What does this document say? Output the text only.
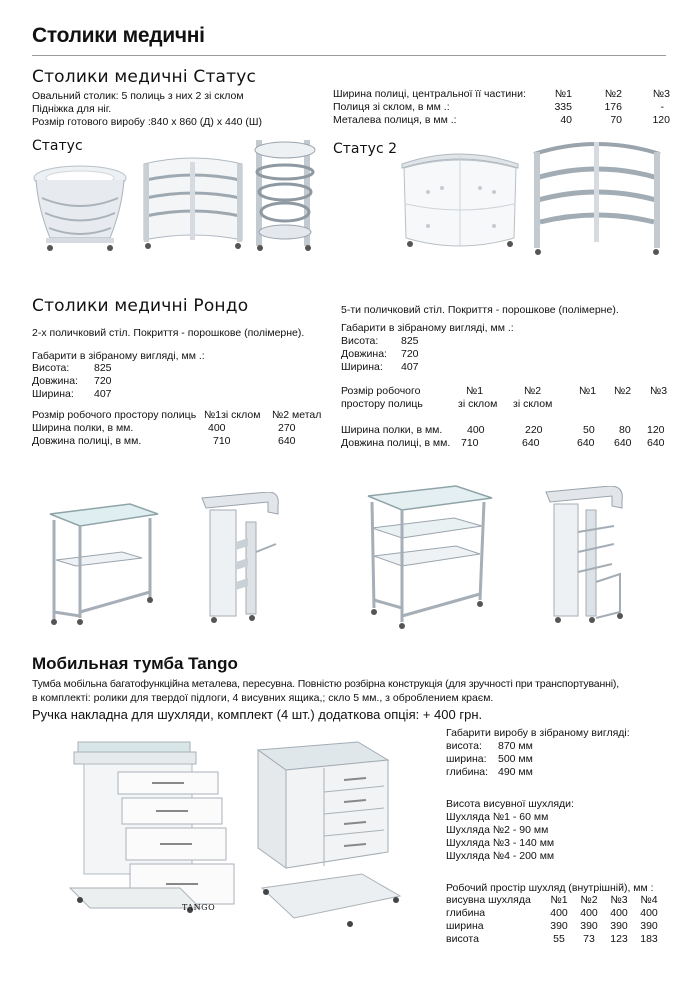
Столики медичні
Столики медичні Статус
Овальний столик: 5 полиць з них 2 зі склом
Підніжка для ніг.
Розмір готового виробу :840 х 860 (Д) х 440 (Ш)
Ширина полиці, центральної її частини:	№1	№2	№3
Полиця зі склом, в мм .:	335	176	-
Металева полиця, в мм .:	40	70	120
Статус	Статус 2
Столики медичні Рондо
2-х поличковий стіл. Покриття - порошкове (полімерне).
Габарити в зібраному вигляді, мм .:
Висота:	825
Довжина:	720
Ширина:	407
Розмір робочого простору полиць	№1зі склом	№2 метал
Ширина полки, в мм.	400	270
Довжина полиці, в мм.	710	640
5-ти поличковий стіл. Покриття - порошкове (полімерне).
Габарити в зібраному вигляді, мм .:
Висота:	825
Довжина:	720
Ширина:	407
Розмір робочого
простору полиць
№1	№2	№1 №2 №3
зі склом зі склом
Ширина полки, в мм. 400	220	50 80 120
Довжина полиці, в мм. 710	640	640 640 640
Мобильная тумба Tango
Тумба мобільна багатофункційна металева, пересувна. Повністю розбірна конструкція (для зручності при транспортуванні),
в комплекті: ролики для твердої підлоги, 4 висувних ящика,; скло 5 мм., з оброблением краєм.
Ручка накладна для шухляди, комплект (4 шт.) додаткова опція: + 400 грн.
TANGO
Габарити виробу в зібраному вигляді:
висота:	870 мм
ширина:	500 мм
глибина:	490 мм
Висота висувної шухляди:
Шухляда №1 - 60 мм
Шухляда №2 - 90 мм
Шухляда №3 - 140 мм
Шухляда №4 - 200 мм
Робочий простір шухляд (внутрішній), мм :
висувна шухляда	№1	№2	№3	№4
глибина	400	400	400	400
ширина	390	390	390	390
висота	55	73	123	183
